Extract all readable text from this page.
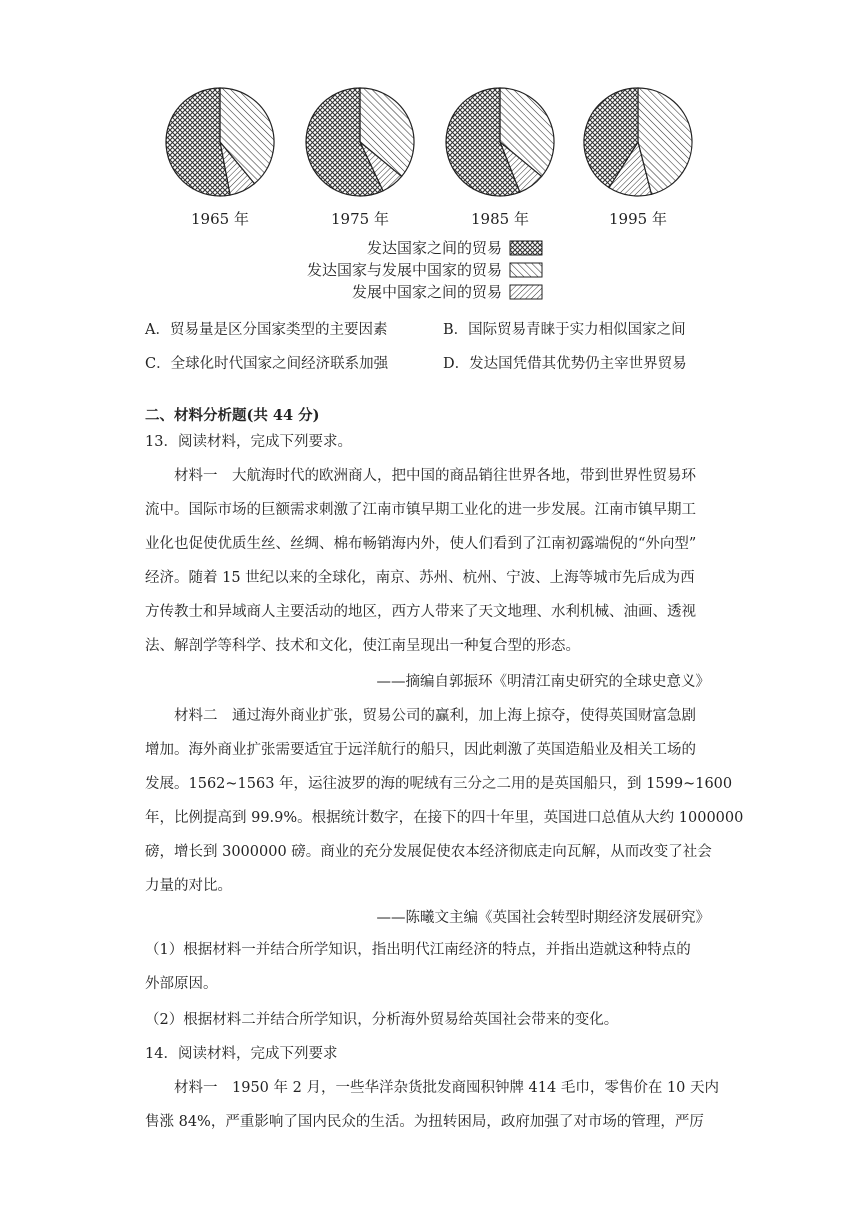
1965 年	1975 年	1985 年	1995 年
发达国家之间的贸易
发达国家与发展中国家的贸易
发展中国家之间的贸易
A．贸易量是区分国家类型的主要因素	B．国际贸易青睐于实力相似国家之间
C．全球化时代国家之间经济联系加强	D．发达国凭借其优势仍主宰世界贸易
二、材料分析题(共 44 分)
13．阅读材料，完成下列要求。
材料一　大航海时代的欧洲商人，把中国的商品销往世界各地，带到世界性贸易环
流中。国际市场的巨额需求刺激了江南市镇早期工业化的进一步发展。江南市镇早期工
业化也促使优质生丝、丝绸、棉布畅销海内外，使人们看到了江南初露端倪的“外向型”
经济。随着 15 世纪以来的全球化，南京、苏州、杭州、宁波、上海等城市先后成为西
方传教士和异域商人主要活动的地区，西方人带来了天文地理、水利机械、油画、透视
法、解剖学等科学、技术和文化，使江南呈现出一种复合型的形态。
——摘编自郭振环《明清江南史研究的全球史意义》
材料二　通过海外商业扩张，贸易公司的赢利，加上海上掠夺，使得英国财富急剧
增加。海外商业扩张需要适宜于远洋航行的船只，因此刺激了英国造船业及相关工场的
发展。1562~1563 年，运往波罗的海的呢绒有三分之二用的是英国船只，到 1599~1600
年，比例提高到 99.9%。根据统计数字，在接下的四十年里，英国进口总值从大约 1000000
磅，增长到 3000000 磅。商业的充分发展促使农本经济彻底走向瓦解，从而改变了社会
力量的对比。
——陈曦文主编《英国社会转型时期经济发展研究》
（1）根据材料一并结合所学知识，指出明代江南经济的特点，并指出造就这种特点的
外部原因。
（2）根据材料二并结合所学知识，分析海外贸易给英国社会带来的变化。
14．阅读材料，完成下列要求
材料一　1950 年 2 月，一些华洋杂货批发商囤积钟牌 414 毛巾，零售价在 10 天内
售涨 84%，严重影响了国内民众的生活。为扭转困局，政府加强了对市场的管理，严厉
